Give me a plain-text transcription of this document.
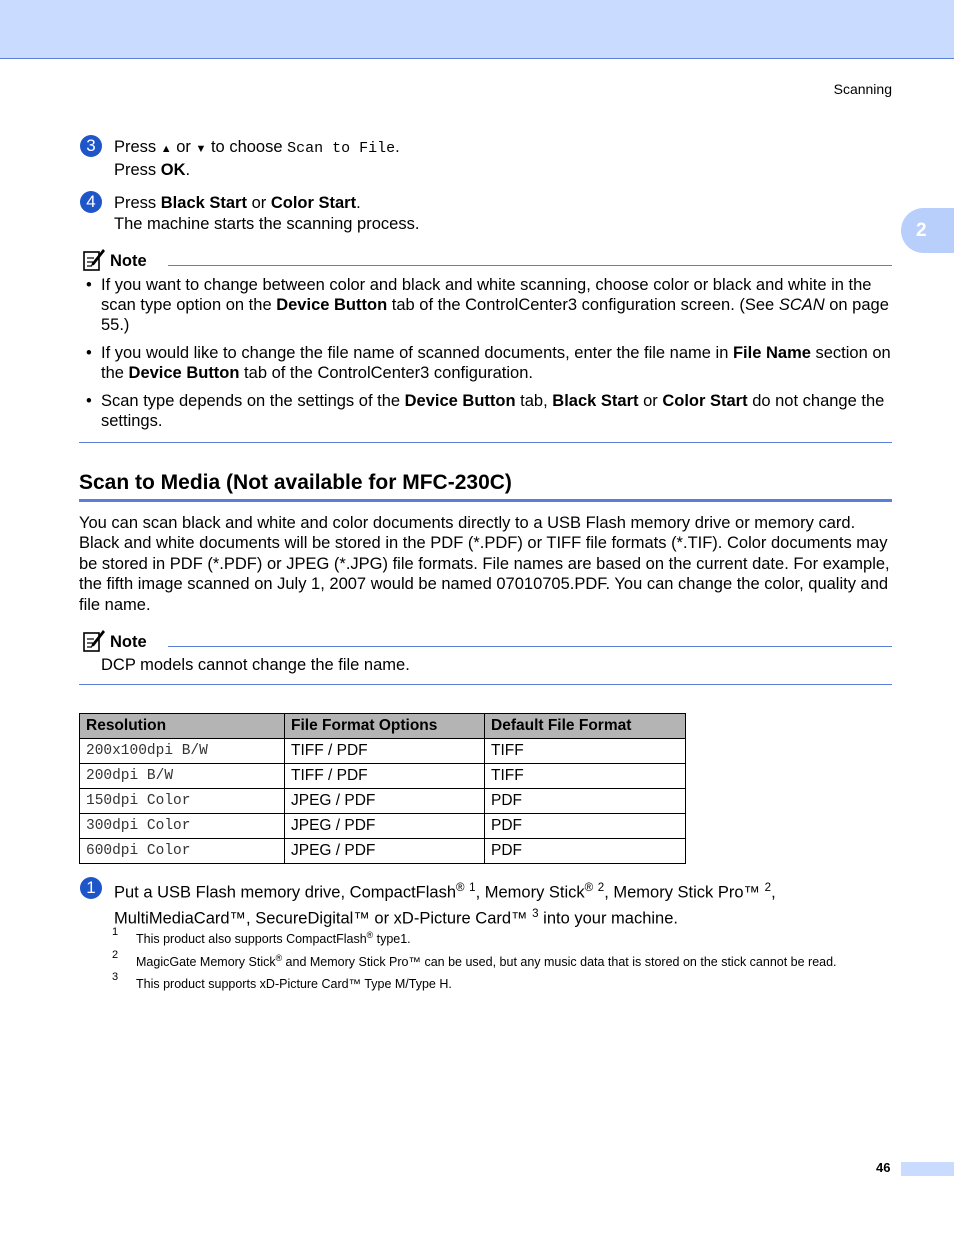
Scanning
2
3	Press ▲ or ▼ to choose Scan to File.
Press OK.
4	Press Black Start or Color Start.
The machine starts the scanning process.
Note
• If you want to change between color and black and white scanning, choose color or black and white in the scan type option on the Device Button tab of the ControlCenter3 configuration screen. (See SCAN on page 55.)
• If you would like to change the file name of scanned documents, enter the file name in File Name section on the Device Button tab of the ControlCenter3 configuration.
• Scan type depends on the settings of the Device Button tab, Black Start or Color Start do not change the settings.
Scan to Media (Not available for MFC-230C)
You can scan black and white and color documents directly to a USB Flash memory drive or memory card. Black and white documents will be stored in the PDF (*.PDF) or TIFF file formats (*.TIF). Color documents may be stored in PDF (*.PDF) or JPEG (*.JPG) file formats. File names are based on the current date. For example, the fifth image scanned on July 1, 2007 would be named 07010705.PDF. You can change the color, quality and file name.
Note
DCP models cannot change the file name.
Resolution	File Format Options	Default File Format
200x100dpi B/W	TIFF / PDF	TIFF
200dpi B/W	TIFF / PDF	TIFF
150dpi Color	JPEG / PDF	PDF
300dpi Color	JPEG / PDF	PDF
600dpi Color	JPEG / PDF	PDF
1	Put a USB Flash memory drive, CompactFlash® $^1$, Memory Stick® $^2$, Memory Stick Pro™ $^2$,
MultiMediaCard™, SecureDigital™ or xD-Picture Card™ $^3$ into your machine.
1
This product also supports CompactFlash® type1.
2
MagicGate Memory Stick® and Memory Stick Pro™ can be used, but any music data that is stored on the stick cannot be read.
3
This product supports xD-Picture Card™ Type M/Type H.
46
